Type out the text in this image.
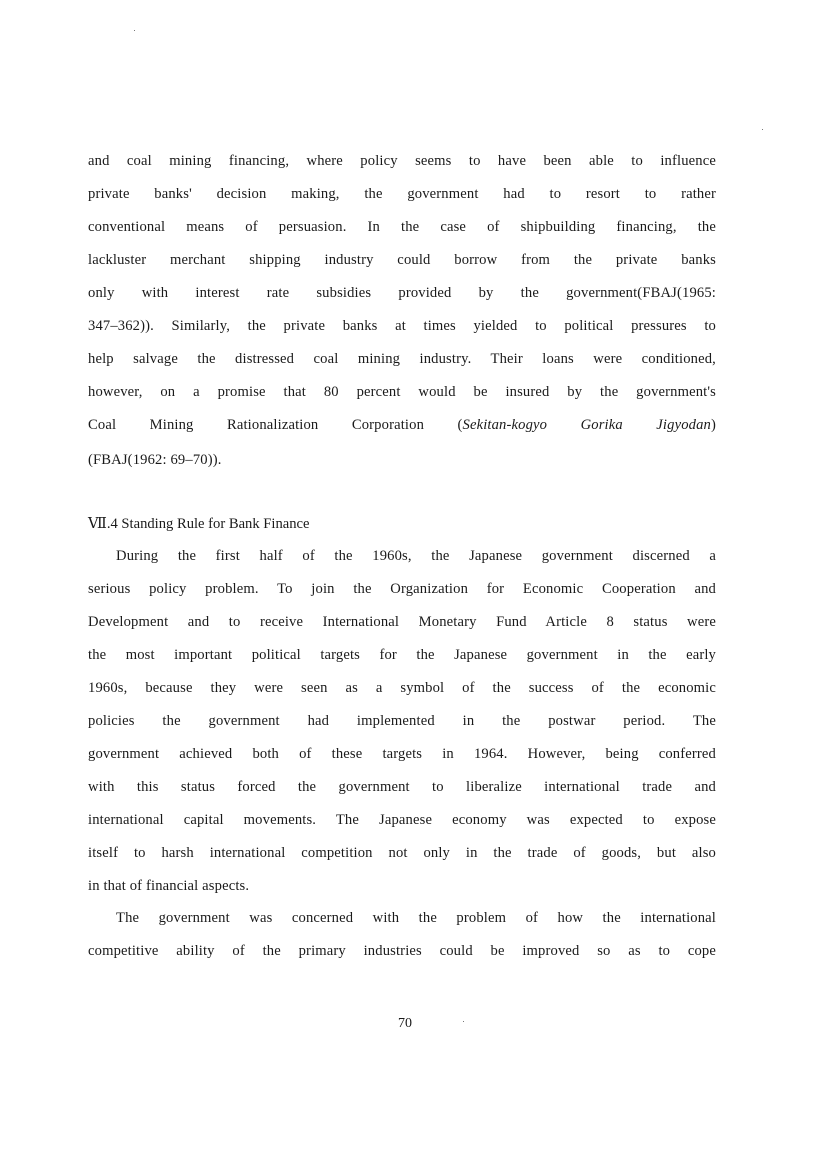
and coal mining financing, where policy seems to have been able to influence
private banks' decision making, the government had to resort to rather
conventional means of persuasion. In the case of shipbuilding financing, the
lackluster merchant shipping industry could borrow from the private banks
only with interest rate subsidies provided by the government(FBAJ(1965:
347–362)). Similarly, the private banks at times yielded to political pressures to
help salvage the distressed coal mining industry. Their loans were conditioned,
however, on a promise that 80 percent would be insured by the government's
Coal Mining Rationalization Corporation (Sekitan-kogyo Gorika Jigyodan)
(FBAJ(1962: 69–70)).
Ⅶ.4 Standing Rule for Bank Finance
During the first half of the 1960s, the Japanese government discerned a
serious policy problem. To join the Organization for Economic Cooperation and
Development and to receive International Monetary Fund Article 8 status were
the most important political targets for the Japanese government in the early
1960s, because they were seen as a symbol of the success of the economic
policies the government had implemented in the postwar period. The
government achieved both of these targets in 1964. However, being conferred
with this status forced the government to liberalize international trade and
international capital movements. The Japanese economy was expected to expose
itself to harsh international competition not only in the trade of goods, but also
in that of financial aspects.
The government was concerned with the problem of how the international
competitive ability of the primary industries could be improved so as to cope
70
